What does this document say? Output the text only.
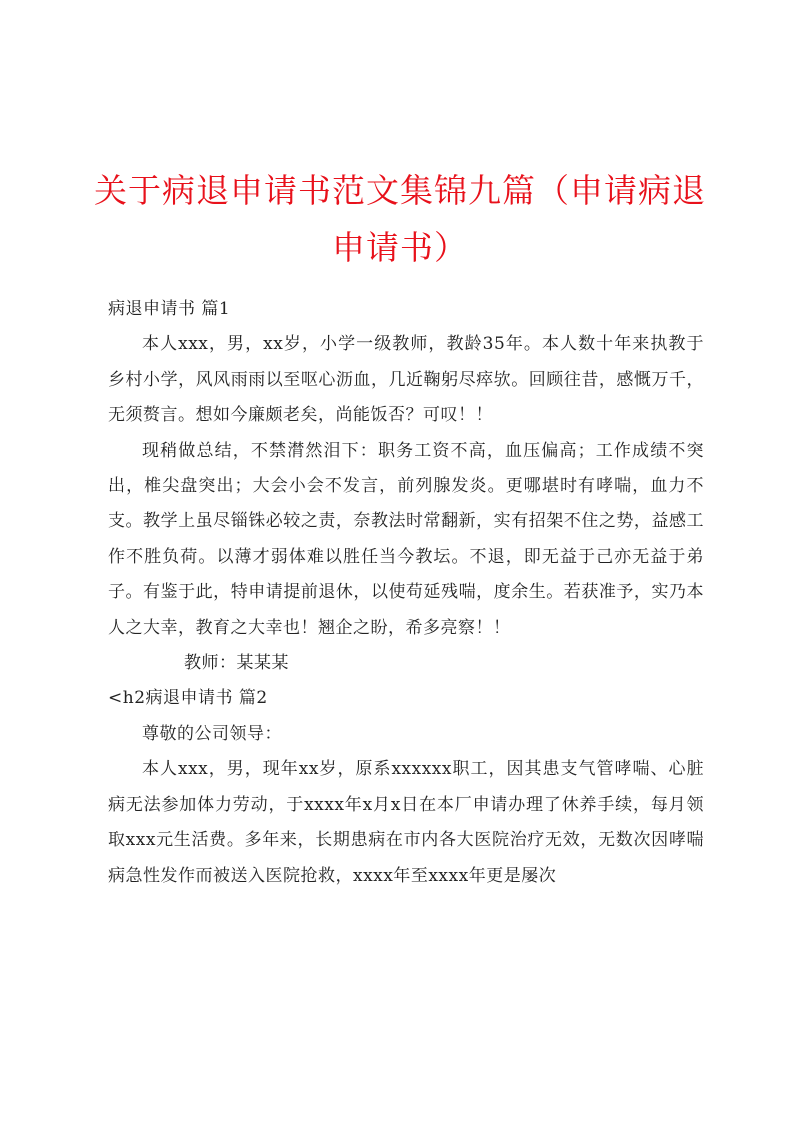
关于病退申请书范文集锦九篇（申请病退申请书）

病退申请书 篇1

本人xxx，男，xx岁，小学一级教师，教龄35年。本人数十年来执教于乡村小学，风风雨雨以至呕心沥血，几近鞠躬尽瘁欤。回顾往昔，感慨万千，无须赘言。想如今廉颇老矣，尚能饭否？可叹！！

现稍做总结，不禁潸然泪下：职务工资不高，血压偏高；工作成绩不突出，椎尖盘突出；大会小会不发言，前列腺发炎。更哪堪时有哮喘，血力不支。教学上虽尽锱铢必较之责，奈教法时常翻新，实有招架不住之势，益感工作不胜负荷。以薄才弱体难以胜任当今教坛。不退，即无益于己亦无益于弟子。有鉴于此，特申请提前退休，以使苟延残喘，度余生。若获准予，实乃本人之大幸，教育之大幸也！翘企之盼，希多亮察！！

教师：某某某

<h2病退申请书 篇2

尊敬的公司领导：

本人xxx，男，现年xx岁，原系xxxxxx职工，因其患支气管哮喘、心脏病无法参加体力劳动，于xxxx年x月x日在本厂申请办理了休养手续，每月领取xxx元生活费。多年来，长期患病在市内各大医院治疗无效，无数次因哮喘病急性发作而被送入医院抢救，xxxx年至xxxx年更是屡次
